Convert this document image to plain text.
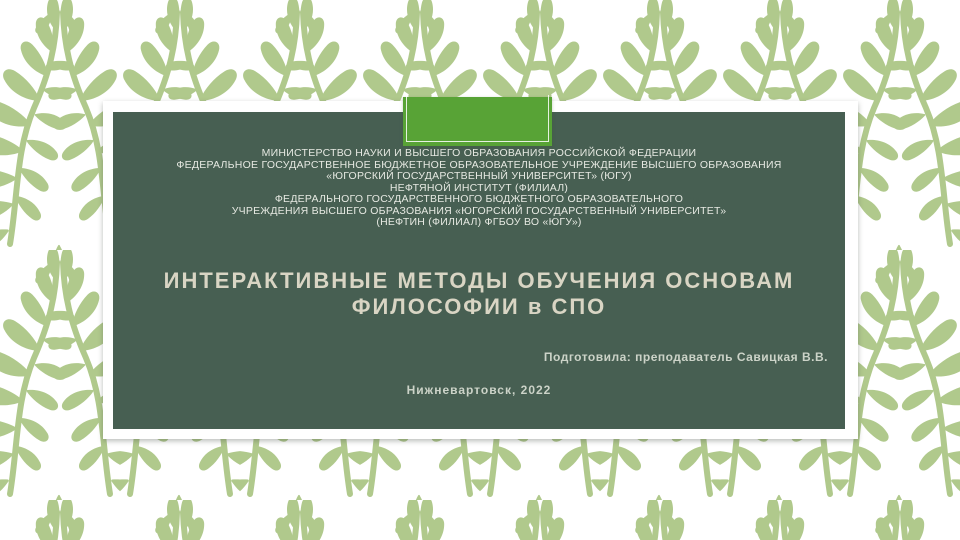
МИНИСТЕРСТВО НАУКИ И ВЫСШЕГО ОБРАЗОВАНИЯ РОССИЙСКОЙ ФЕДЕРАЦИИ
ФЕДЕРАЛЬНОЕ ГОСУДАРСТВЕННОЕ БЮДЖЕТНОЕ ОБРАЗОВАТЕЛЬНОЕ УЧРЕЖДЕНИЕ ВЫСШЕГО ОБРАЗОВАНИЯ
«ЮГОРСКИЙ ГОСУДАРСТВЕННЫЙ УНИВЕРСИТЕТ» (ЮГУ)
НЕФТЯНОЙ ИНСТИТУТ (ФИЛИАЛ)
ФЕДЕРАЛЬНОГО ГОСУДАРСТВЕННОГО БЮДЖЕТНОГО ОБРАЗОВАТЕЛЬНОГО
УЧРЕЖДЕНИЯ ВЫСШЕГО ОБРАЗОВАНИЯ «ЮГОРСКИЙ ГОСУДАРСТВЕННЫЙ УНИВЕРСИТЕТ»
(НЕФТИН (ФИЛИАЛ) ФГБОУ ВО «ЮГУ»)
ИНТЕРАКТИВНЫЕ МЕТОДЫ ОБУЧЕНИЯ ОСНОВАМ
ФИЛОСОФИИ в СПО
Подготовила: преподаватель Савицкая В.В.
Нижневартовск, 2022
